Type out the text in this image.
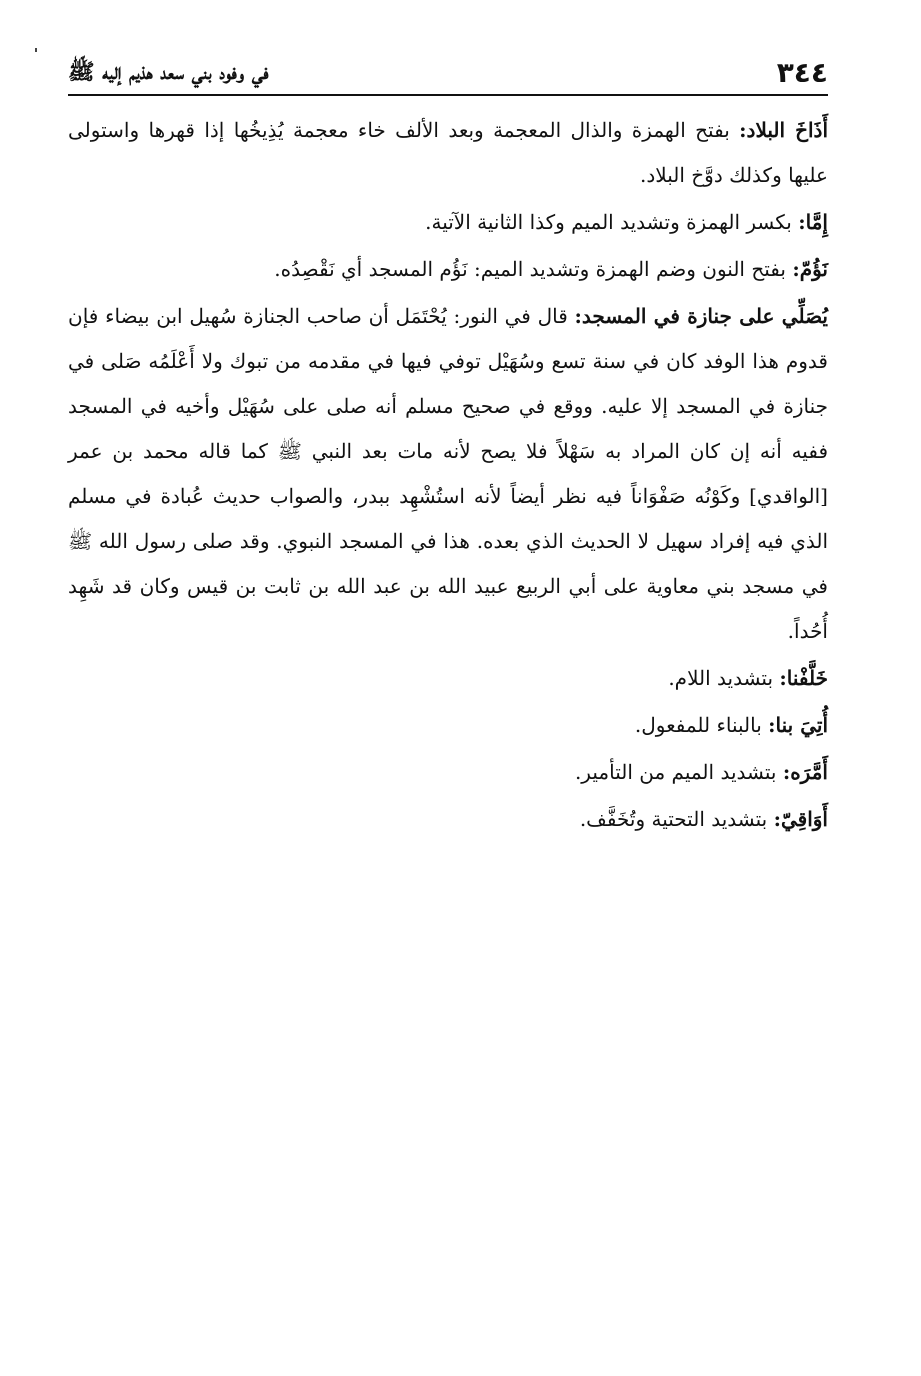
٣٤٤
في وفود بني سعد هذيم إليه ﷺ

أَذَاخَ البلاد: بفتح الهمزة والذال المعجمة وبعد الألف خاء معجمة يُذِيخُها إذا قهرها واستولى عليها وكذلك دوَّخ البلاد.

إِمَّا: بكسر الهمزة وتشديد الميم وكذا الثانية الآتية.

نَؤُمّ: بفتح النون وضم الهمزة وتشديد الميم: نَؤُم المسجد أي نَقْصِدُه.

يُصَلِّي على جنازة في المسجد: قال في النور: يُحْتَمَل أن صاحب الجنازة سُهيل ابن بيضاء فإن قدوم هذا الوفد كان في سنة تسع وسُهَيْل توفي فيها في مقدمه من تبوك ولا أَعْلَمُه صَلى في جنازة في المسجد إلا عليه. ووقع في صحيح مسلم أنه صلى على سُهَيْل وأخيه في المسجد ففيه أنه إن كان المراد به سَهْلاً فلا يصح لأنه مات بعد النبي ﷺ كما قاله محمد بن عمر [الواقدي] وكَوْنُه صَفْوَاناً فيه نظر أيضاً لأنه استُشْهِد ببدر، والصواب حديث عُبادة في مسلم الذي فيه إفراد سهيل لا الحديث الذي بعده. هذا في المسجد النبوي. وقد صلى رسول الله ﷺ في مسجد بني معاوية على أبي الربيع عبيد الله بن عبد الله بن ثابت بن قيس وكان قد شَهِد أُحُداً.

خَلَّفْنا: بتشديد اللام.

أُتِيَ بنا: بالبناء للمفعول.

أَمَّرَه: بتشديد الميم من التأمير.

أَوَاقِيّ: بتشديد التحتية وتُخَفَّف.
